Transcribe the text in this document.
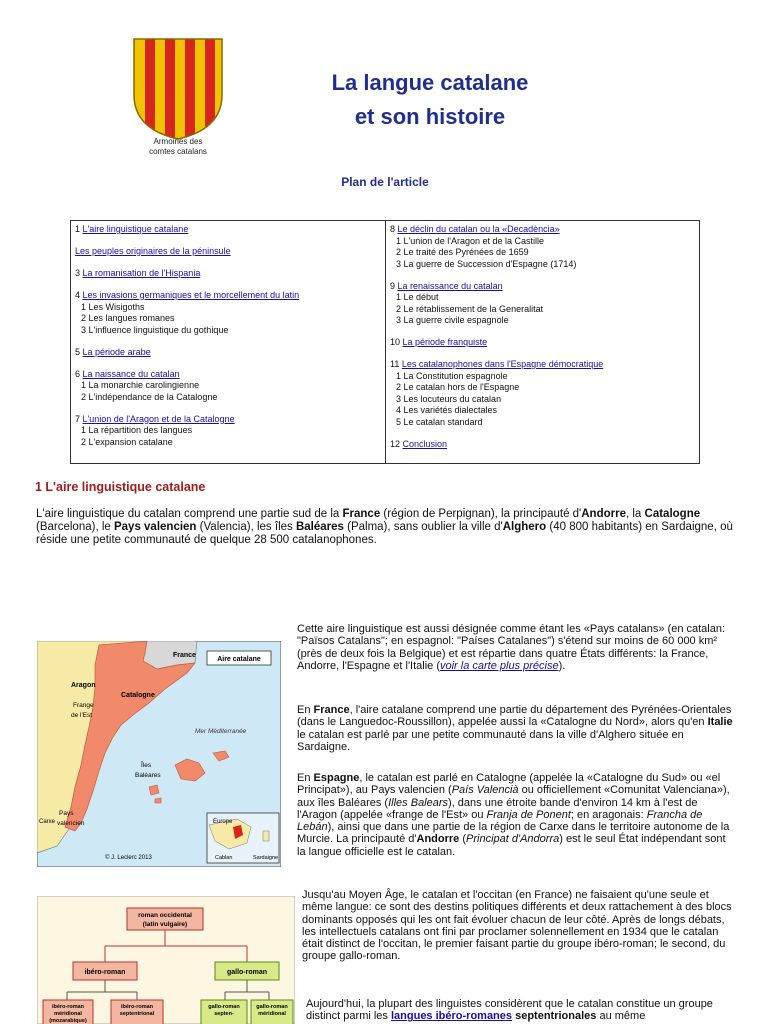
Armoiries des
comtes catalans
La langue catalane
et son histoire
Plan de l'article
1 L'aire linguistique catalane
Les peuples originaires de la péninsule
3 La romanisation de l'Hispania
4 Les invasions germaniques et le morcellement du latin
1 Les Wisigoths
2 Les langues romanes
3 L'influence linguistique du gothique
5 La période arabe
6 La naissance du catalan
1 La monarchie carolingienne
2 L'indépendance de la Catalogne
7 L'union de l'Aragon et de la Catalogne
1 La répartition des langues
2 L'expansion catalane
8 Le déclin du catalan ou la «Decadència»
1 L'union de l'Aragon et de la Castille
2 Le traité des Pyrénées de 1659
3 La guerre de Succession d'Espagne (1714)
9 La renaissance du catalan
1 Le début
2 Le rétablissement de la Generalitat
3 La guerre civile espagnole
10 La période franquiste
11 Les catalanophones dans l'Espagne démocratique
1 La Constitution espagnole
2 Le catalan hors de l'Espagne
3 Les locuteurs du catalan
4 Les variétés dialectales
5 Le catalan standard
12 Conclusion
1 L'aire linguistique catalane
L'aire linguistique du catalan comprend une partie sud de la France (région de Perpignan), la principauté d'Andorre, la Catalogne (Barcelona), le Pays valencien (Valencia), les îles Baléares (Palma), sans oublier la ville d'Alghero (40 800 habitants) en Sardaigne, où réside une petite communauté de quelque 28 500 catalanophones.
Aire catalane
France
Aragon
Frange
de l'Est
Catalogne
Mer Méditerranée
Îles
Baléares
Pays
valencien
Carxe	Europe
Cablan	Sardaigne
© J. Leclerc 2013
roman occidental
(latin vulgaire)
ibéro-roman	gallo-roman
ibéro-roman
méridional
(mozarabique)
ibéro-roman
septentrional
gallo-roman
septen-
gallo-roman
méridional
Cette aire linguistique est aussi désignée comme étant les «Pays catalans» (en catalan: "Països Catalans"; en espagnol: "Países Catalanes") s'étend sur moins de 60 000 km² (près de deux fois la Belgique) et est répartie dans quatre États différents: la France, Andorre, l'Espagne et l'Italie (voir la carte plus précise).
En France, l'aire catalane comprend une partie du département des Pyrénées-Orientales (dans le Languedoc-Roussillon), appelée aussi la «Catalogne du Nord», alors qu'en Italie le catalan est parlé par une petite communauté dans la ville d'Alghero située en Sardaigne.
En Espagne, le catalan est parlé en Catalogne (appelée la «Catalogne du Sud» ou «el Principat»), au Pays valencien (País Valencià ou officiellement «Comunitat Valenciana»), aux îles Baléares (Illes Balears), dans une étroite bande d'environ 14 km à l'est de l'Aragon (appelée «frange de l'Est» ou Franja de Ponent; en aragonais: Francha de Lebán), ainsi que dans une partie de la région de Carxe dans le territoire autonome de la Murcie. La principauté d'Andorre (Principat d'Andorra) est le seul État indépendant sont la langue officielle est le catalan.
Jusqu'au Moyen Âge, le catalan et l'occitan (en France) ne faisaient qu'une seule et même langue: ce sont des destins politiques différents et deux rattachement à des blocs dominants opposés qui les ont fait évoluer chacun de leur côté. Après de longs débats, les intellectuels catalans ont fini par proclamer solennellement en 1934 que le catalan était distinct de l'occitan, le premier faisant partie du groupe ibéro-roman; le second, du groupe gallo-roman.
Aujourd'hui, la plupart des linguistes considèrent que le catalan constitue un groupe distinct parmi les langues ibéro-romanes septentrionales au même
